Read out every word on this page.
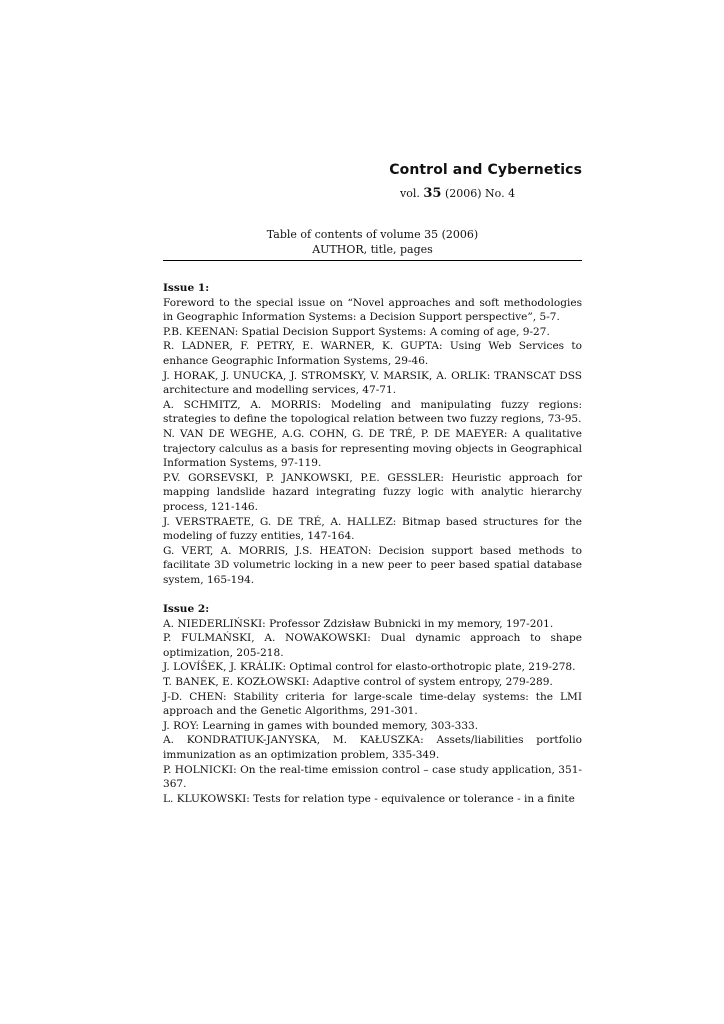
Control and Cybernetics
vol. 35 (2006) No. 4
Table of contents of volume 35 (2006)
AUTHOR, title, pages
Issue 1:

Foreword to the special issue on “Novel approaches and soft methodologies in Geographic Information Systems: a Decision Support perspective”, 5-7.

P.B. KEENAN: Spatial Decision Support Systems: A coming of age, 9-27.

R. LADNER, F. PETRY, E. WARNER, K. GUPTA: Using Web Services to enhance Geographic Information Systems, 29-46.

J. HORAK, J. UNUCKA, J. STROMSKY, V. MARSIK, A. ORLIK: TRANSCAT DSS architecture and modelling services, 47-71.

A. SCHMITZ, A. MORRIS: Modeling and manipulating fuzzy regions: strategies to define the topological relation between two fuzzy regions, 73-95.

N. VAN DE WEGHE, A.G. COHN, G. DE TRÉ, P. DE MAEYER: A qualitative trajectory calculus as a basis for representing moving objects in Geographical Information Systems, 97-119.

P.V. GORSEVSKI, P. JANKOWSKI, P.E. GESSLER: Heuristic approach for mapping landslide hazard integrating fuzzy logic with analytic hierarchy process, 121-146.

J. VERSTRAETE, G. DE TRÉ, A. HALLEZ: Bitmap based structures for the modeling of fuzzy entities, 147-164.

G. VERT, A. MORRIS, J.S. HEATON: Decision support based methods to facilitate 3D volumetric locking in a new peer to peer based spatial database system, 165-194.

Issue 2:

A. NIEDERLIŃSKI: Professor Zdzisław Bubnicki in my memory, 197-201.

P. FULMAŃSKI, A. NOWAKOWSKI: Dual dynamic approach to shape optimization, 205-218.

J. LOVÍŠEK, J. KRÁLIK: Optimal control for elasto-orthotropic plate, 219-278.

T. BANEK, E. KOZŁOWSKI: Adaptive control of system entropy, 279-289.

J-D. CHEN: Stability criteria for large-scale time-delay systems: the LMI approach and the Genetic Algorithms, 291-301.

J. ROY: Learning in games with bounded memory, 303-333.

A. KONDRATIUK-JANYSKA, M. KAŁUSZKA: Assets/liabilities portfolio immunization as an optimization problem, 335-349.

P. HOLNICKI: On the real-time emission control – case study application, 351-367.

L. KLUKOWSKI: Tests for relation type - equivalence or tolerance - in a finite
